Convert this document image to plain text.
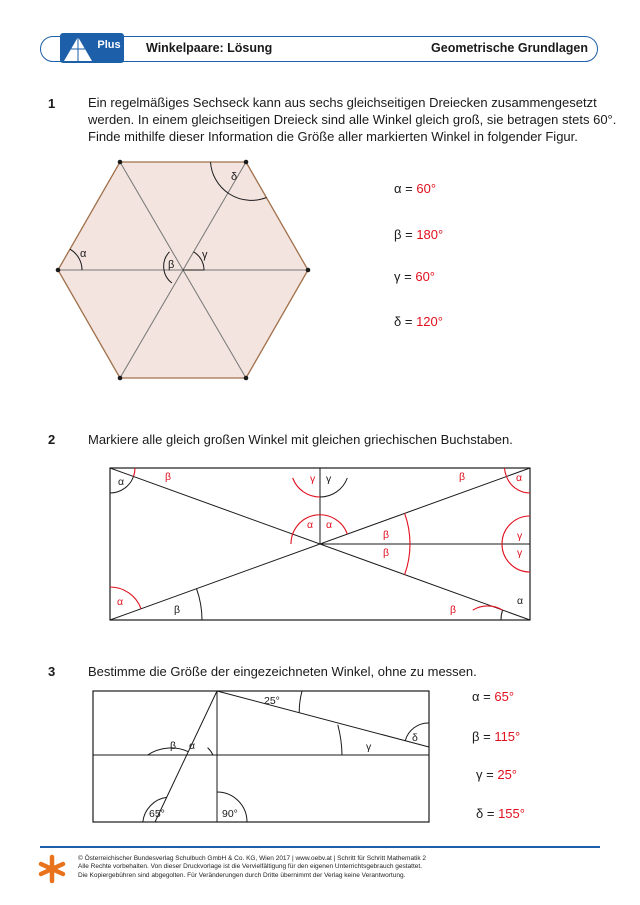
Plus Winkelpaare: Lösung	Geometrische Grundlagen
1	Ein regelmäßiges Sechseck kann aus sechs gleichseitigen Dreiecken zusammengesetzt
werden. In einem gleichseitigen Dreieck sind alle Winkel gleich groß, sie betragen stets 60°.
Finde mithilfe dieser Information die Größe aller markierten Winkel in folgender Figur.
α
β
γ
δ
α = 60°
β = 180°
γ = 60°
δ = 120°
2	Markiere alle gleich großen Winkel mit gleichen griechischen Buchstaben.
α	γ γ
α α
α
α	α
β	β
β
β
β	β
γ
γ
3	Bestimme die Größe der eingezeichneten Winkel, ohne zu messen.
β α
25°
γ
δ
65°	90°
α = 65°
β = 115°
γ = 25°
δ = 155°
© Österreichischer Bundesverlag Schulbuch GmbH & Co. KG, Wien 2017 | www.oebv.at | Schritt für Schritt Mathematik 2
Alle Rechte vorbehalten. Von dieser Druckvorlage ist die Vervielfältigung für den eigenen Unterrichtsgebrauch gestattet.
Die Kopiergebühren sind abgegolten. Für Veränderungen durch Dritte übernimmt der Verlag keine Verantwortung.
